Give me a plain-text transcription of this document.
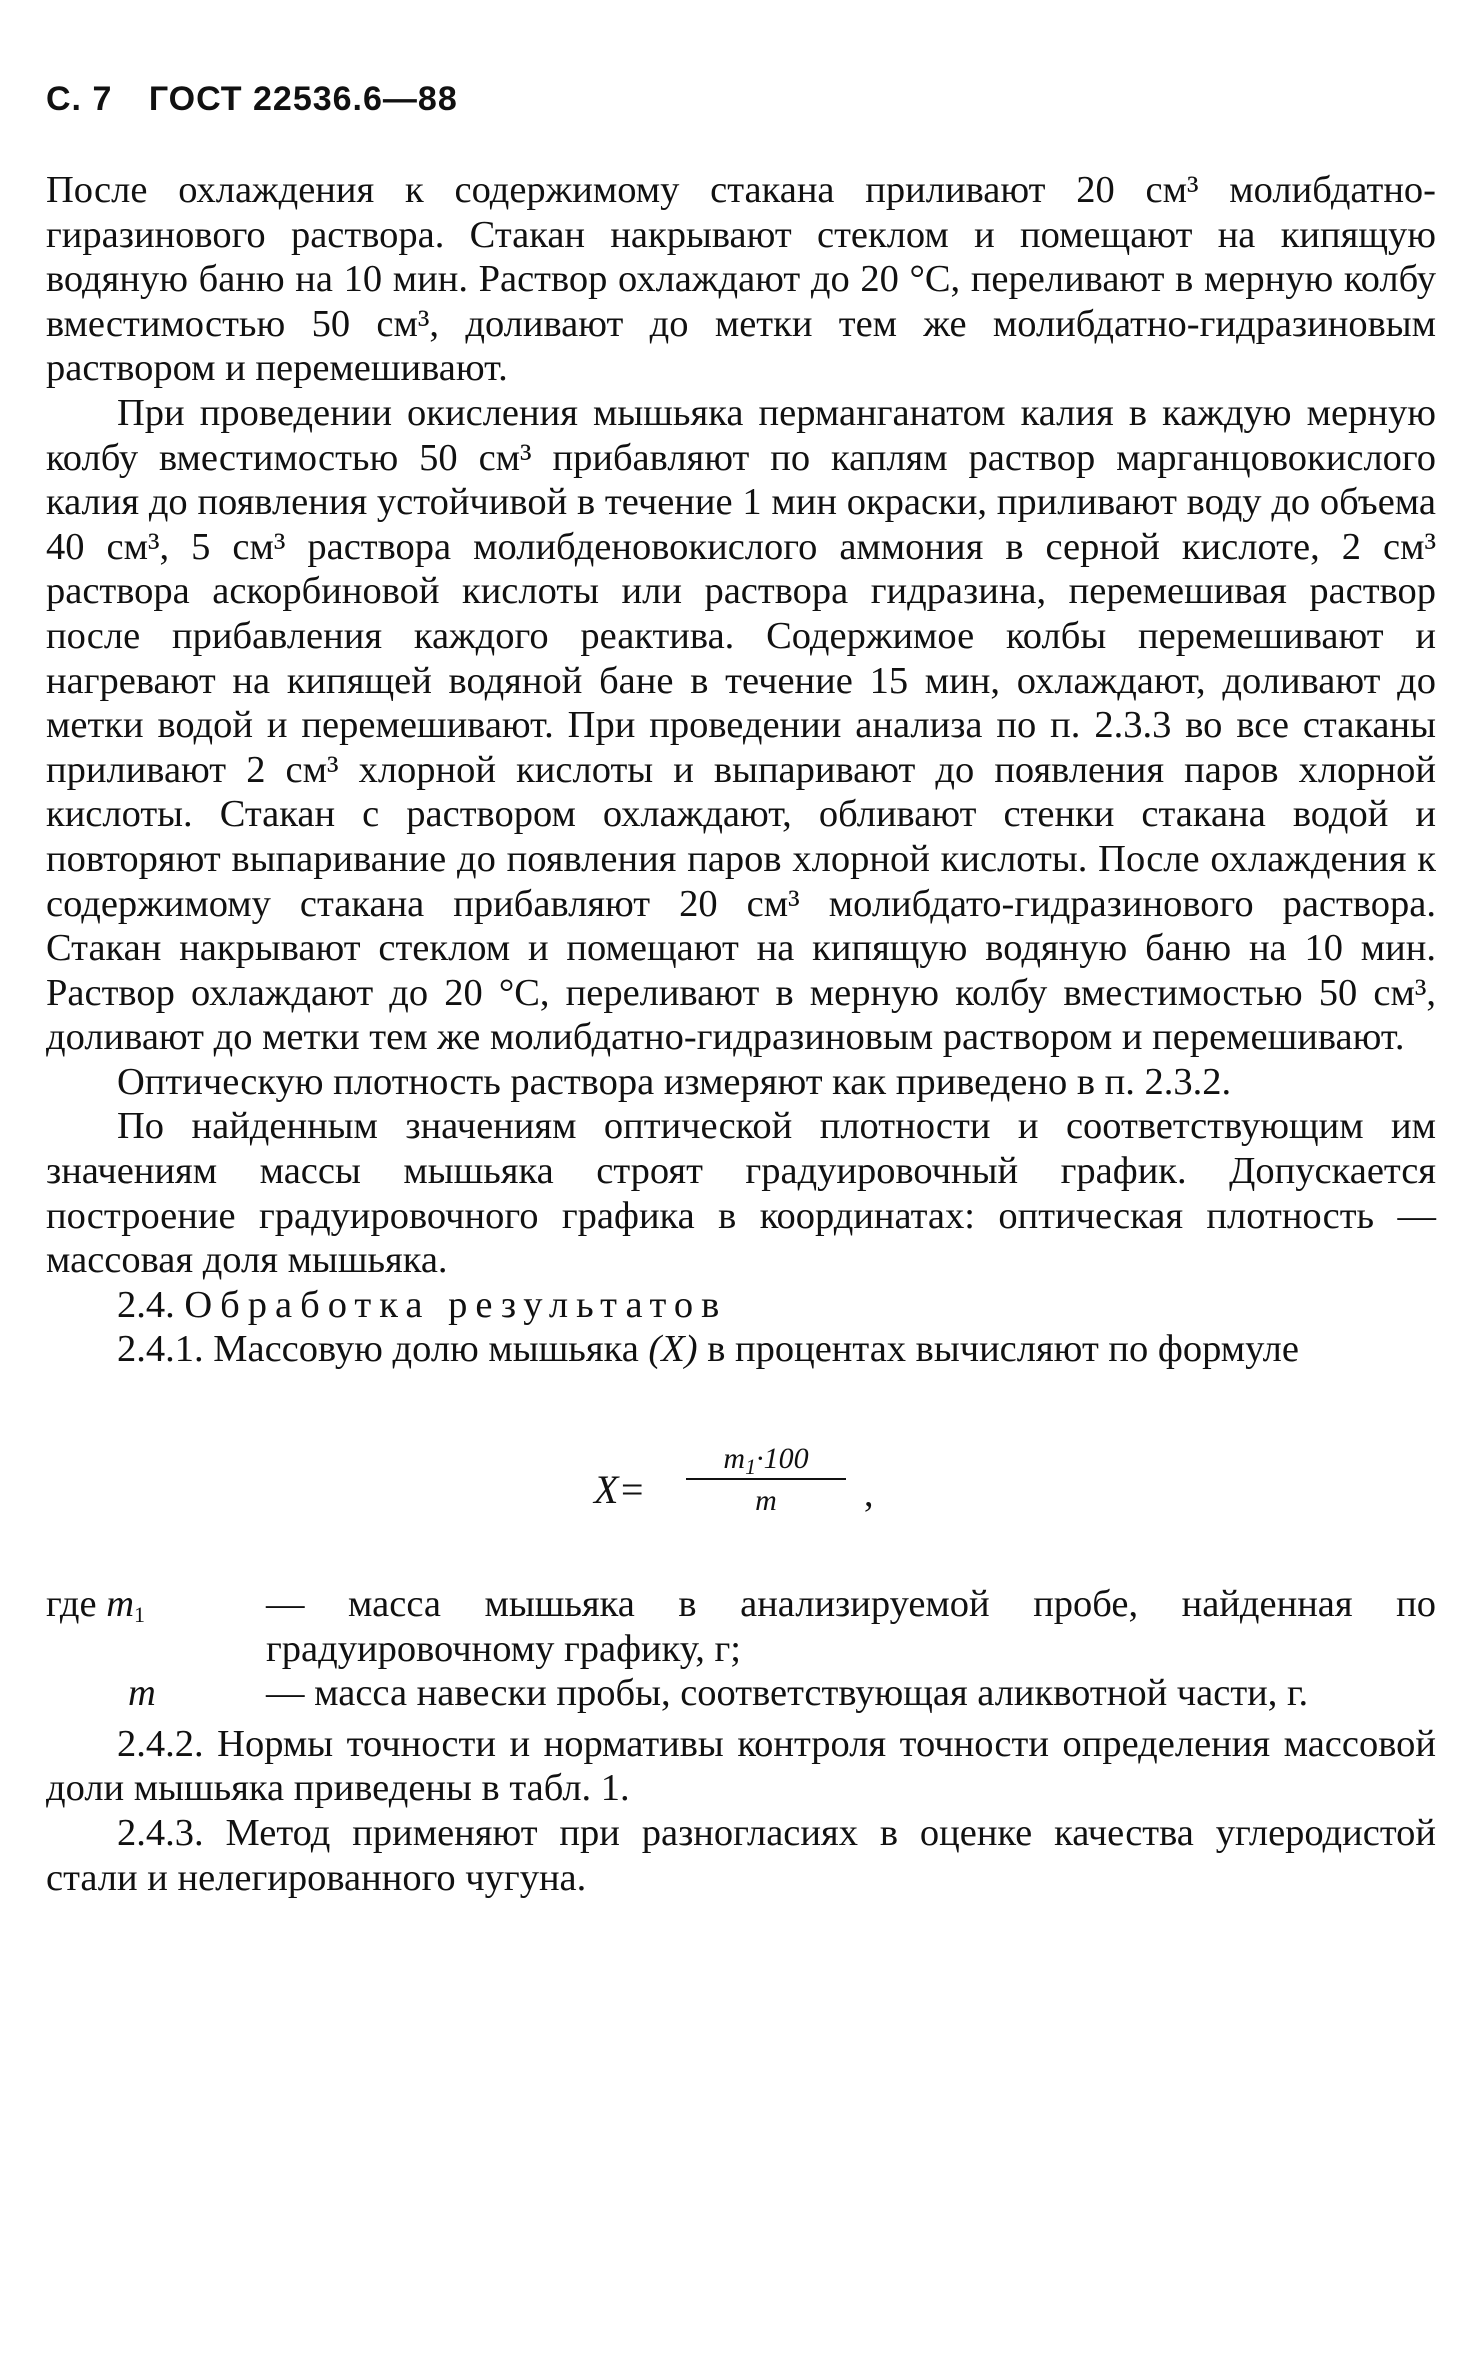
С. 7 ГОСТ 22536.6—88

После охлаждения к содержимому стакана приливают 20 см³ молибдатно-гиразинового раствора. Стакан накрывают стеклом и помещают на кипящую водяную баню на 10 мин. Раствор охлаждают до 20 °С, переливают в мерную колбу вместимостью 50 см³, доливают до метки тем же молибдатно-гидразиновым раствором и перемешивают.

При проведении окисления мышьяка перманганатом калия в каждую мерную колбу вместимостью 50 см³ прибавляют по каплям раствор марганцовокислого калия до появления устойчивой в течение 1 мин окраски, приливают воду до объема 40 см³, 5 см³ раствора молибденовокислого аммония в серной кислоте, 2 см³ раствора аскорбиновой кислоты или раствора гидразина, перемешивая раствор после прибавления каждого реактива. Содержимое колбы перемешивают и нагревают на кипящей водяной бане в течение 15 мин, охлаждают, доливают до метки водой и перемешивают. При проведении анализа по п. 2.3.3 во все стаканы приливают 2 см³ хлорной кислоты и выпаривают до появления паров хлорной кислоты. Стакан с раствором охлаждают, обливают стенки стакана водой и повторяют выпаривание до появления паров хлорной кислоты. После охлаждения к содержимому стакана прибавляют 20 см³ молибдато-гидразинового раствора. Стакан накрывают стеклом и помещают на кипящую водяную баню на 10 мин. Раствор охлаждают до 20 °С, переливают в мерную колбу вместимостью 50 см³, доливают до метки тем же молибдатно-гидразиновым раствором и перемешивают.

Оптическую плотность раствора измеряют как приведено в п. 2.3.2.

По найденным значениям оптической плотности и соответствующим им значениям массы мышьяка строят градуировочный график. Допускается построение градуировочного графика в координатах: оптическая плотность — массовая доля мышьяка.

2.4. Обработка результатов

2.4.1. Массовую долю мышьяка (X) в процентах вычисляют по формуле

$X= \frac{m_1\cdot 100}{m}$ ,
где $m_1$	— масса мышьяка в анализируемой пробе, найденная по градуировочному графику, г;
m	— масса навески пробы, соответствующая аликвотной части, г.

2.4.2. Нормы точности и нормативы контроля точности определения массовой доли мышьяка приведены в табл. 1.

2.4.3. Метод применяют при разногласиях в оценке качества углеродистой стали и нелегированного чугуна.
